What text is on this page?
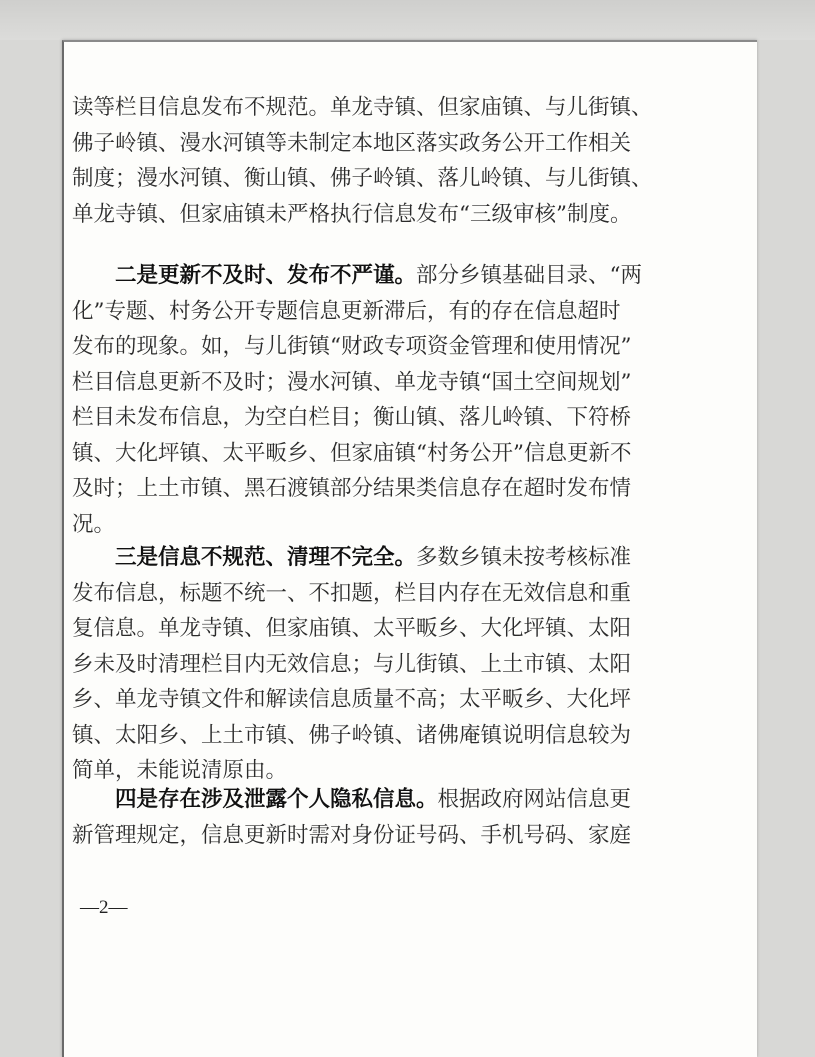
读等栏目信息发布不规范。单龙寺镇、但家庙镇、与儿街镇、
佛子岭镇、漫水河镇等未制定本地区落实政务公开工作相关
制度；漫水河镇、衡山镇、佛子岭镇、落儿岭镇、与儿街镇、
单龙寺镇、但家庙镇未严格执行信息发布“三级审核”制度。
　　二是更新不及时、发布不严谨。部分乡镇基础目录、“两
化”专题、村务公开专题信息更新滞后，有的存在信息超时
发布的现象。如，与儿街镇“财政专项资金管理和使用情况”
栏目信息更新不及时；漫水河镇、单龙寺镇“国土空间规划”
栏目未发布信息，为空白栏目；衡山镇、落儿岭镇、下符桥
镇、大化坪镇、太平畈乡、但家庙镇“村务公开”信息更新不
及时；上土市镇、黑石渡镇部分结果类信息存在超时发布情
况。
　　三是信息不规范、清理不完全。多数乡镇未按考核标准
发布信息，标题不统一、不扣题，栏目内存在无效信息和重
复信息。单龙寺镇、但家庙镇、太平畈乡、大化坪镇、太阳
乡未及时清理栏目内无效信息；与儿街镇、上土市镇、太阳
乡、单龙寺镇文件和解读信息质量不高；太平畈乡、大化坪
镇、太阳乡、上土市镇、佛子岭镇、诸佛庵镇说明信息较为
简单，未能说清原由。
　　四是存在涉及泄露个人隐私信息。根据政府网站信息更
新管理规定，信息更新时需对身份证号码、手机号码、家庭
—2—
